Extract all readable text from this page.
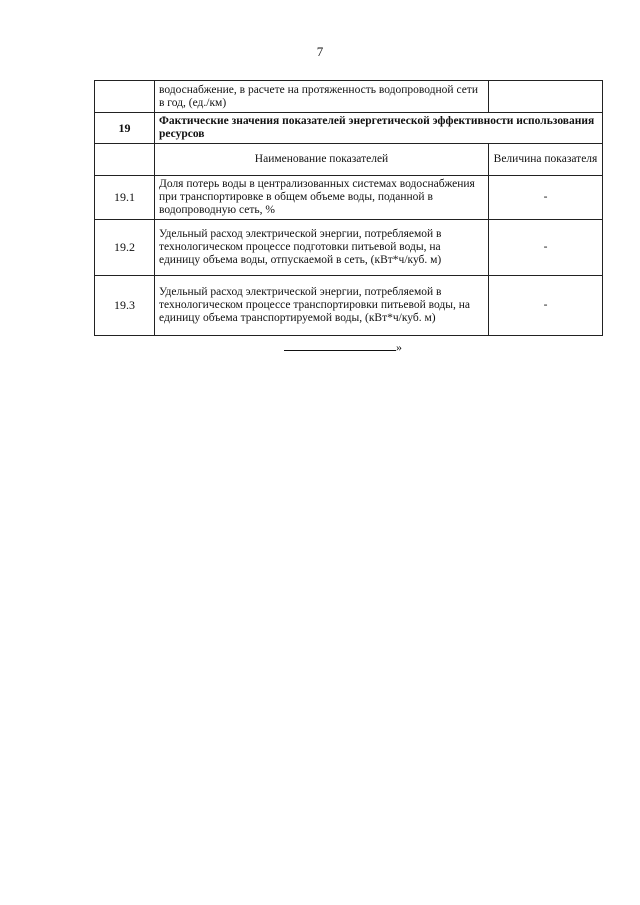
7
	водоснабжение, в расчете на протяженность водопроводной сети в год, (ед./км)	
19	Фактические значения показателей энергетической эффективности использования ресурсов	
	Наименование показателей	Величина показателя
19.1	Доля потерь воды в централизованных системах водоснабжения при транспортировке в общем объеме воды, поданной в водопроводную сеть, %	-
19.2	Удельный расход электрической энергии, потребляемой в технологическом процессе подготовки питьевой воды, на единицу объема воды, отпускаемой в сеть, (кВт*ч/куб. м)	-
19.3	Удельный расход электрической энергии, потребляемой в технологическом процессе транспортировки питьевой воды, на единицу объема транспортируемой воды, (кВт*ч/куб. м)	-
»
